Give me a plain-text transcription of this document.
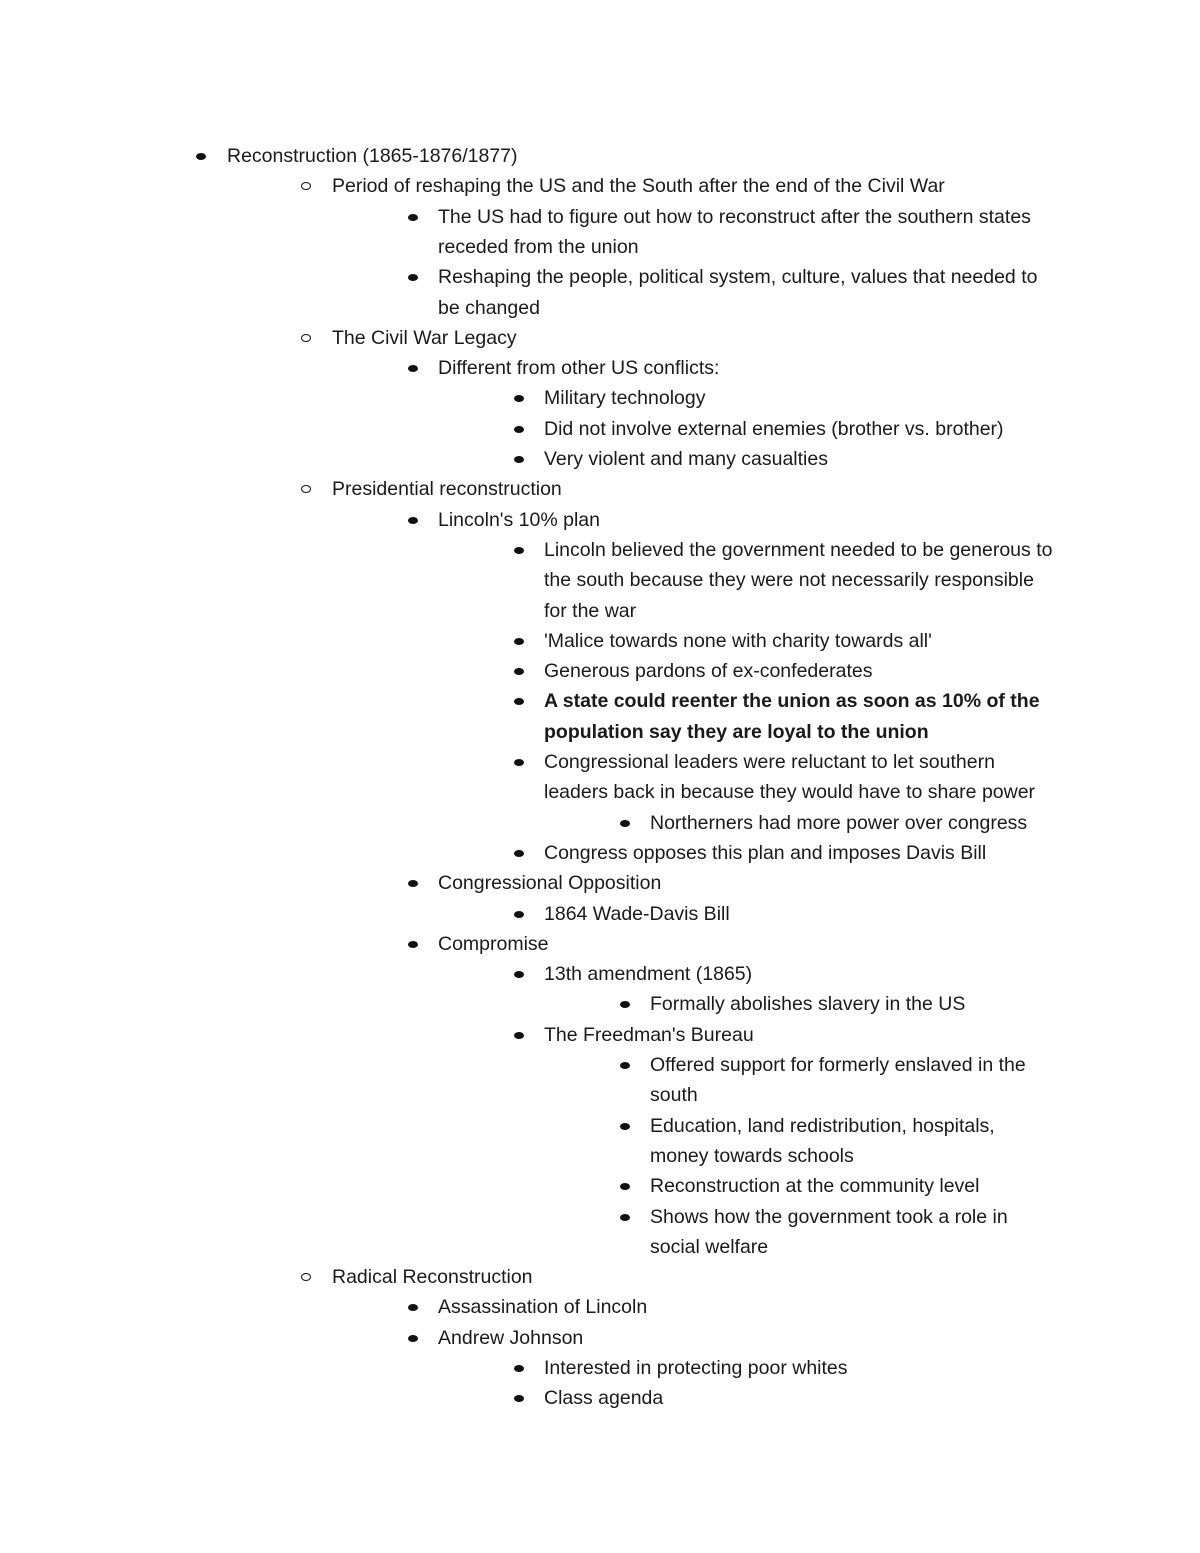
Reconstruction (1865-1876/1877)
Period of reshaping the US and the South after the end of the Civil War
The US had to figure out how to reconstruct after the southern states
receded from the union
Reshaping the people, political system, culture, values that needed to
be changed
The Civil War Legacy
Different from other US conflicts:
Military technology
Did not involve external enemies (brother vs. brother)
Very violent and many casualties
Presidential reconstruction
Lincoln's 10% plan
Lincoln believed the government needed to be generous to
the south because they were not necessarily responsible
for the war
'Malice towards none with charity towards all'
Generous pardons of ex-confederates
A state could reenter the union as soon as 10% of the
population say they are loyal to the union
Congressional leaders were reluctant to let southern
leaders back in because they would have to share power
Northerners had more power over congress
Congress opposes this plan and imposes Davis Bill
Congressional Opposition
1864 Wade-Davis Bill
Compromise
13th amendment (1865)
Formally abolishes slavery in the US
The Freedman's Bureau
Offered support for formerly enslaved in the
south
Education, land redistribution, hospitals,
money towards schools
Reconstruction at the community level
Shows how the government took a role in
social welfare
Radical Reconstruction
Assassination of Lincoln
Andrew Johnson
Interested in protecting poor whites
Class agenda
